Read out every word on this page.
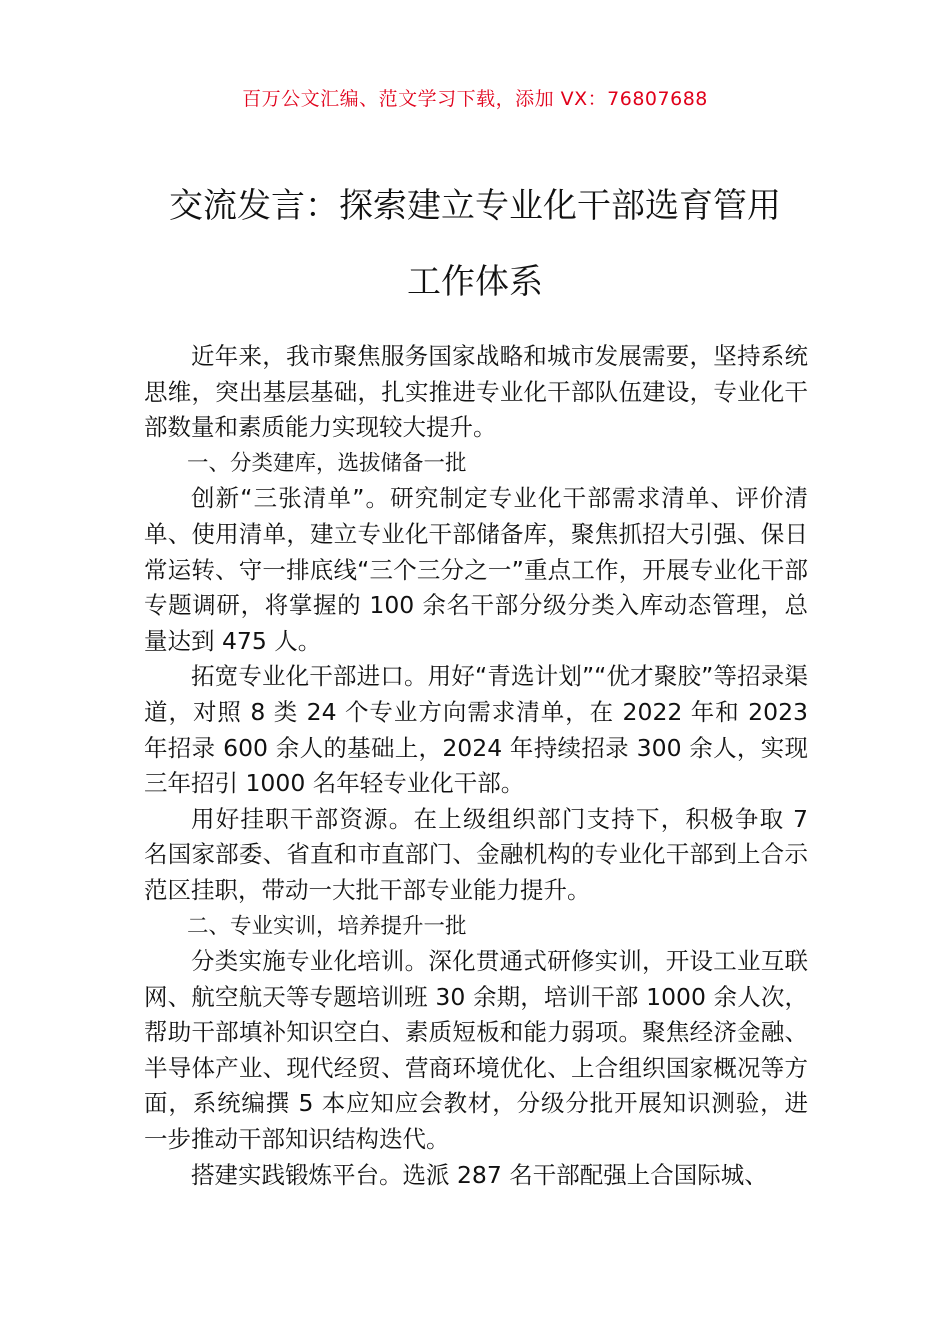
百万公文汇编、范文学习下载，添加 VX：76807688
交流发言：探索建立专业化干部选育管用
工作体系

近年来，我市聚焦服务国家战略和城市发展需要，坚持系统思维，突出基层基础，扎实推进专业化干部队伍建设，专业化干部数量和素质能力实现较大提升。

一、分类建库，选拔储备一批

创新“三张清单”。研究制定专业化干部需求清单、评价清单、使用清单，建立专业化干部储备库，聚焦抓招大引强、保日常运转、守一排底线“三个三分之一”重点工作，开展专业化干部专题调研，将掌握的 100 余名干部分级分类入库动态管理，总量达到 475 人。

拓宽专业化干部进口。用好“青选计划”“优才聚胶”等招录渠道，对照 8 类 24 个专业方向需求清单，在 2022 年和 2023 年招录 600 余人的基础上，2024 年持续招录 300 余人，实现三年招引 1000 名年轻专业化干部。

用好挂职干部资源。在上级组织部门支持下，积极争取 7 名国家部委、省直和市直部门、金融机构的专业化干部到上合示范区挂职，带动一大批干部专业能力提升。

二、专业实训，培养提升一批

分类实施专业化培训。深化贯通式研修实训，开设工业互联网、航空航天等专题培训班 30 余期，培训干部 1000 余人次，帮助干部填补知识空白、素质短板和能力弱项。聚焦经济金融、半导体产业、现代经贸、营商环境优化、上合组织国家概况等方面，系统编撰 5 本应知应会教材，分级分批开展知识测验，进一步推动干部知识结构迭代。

搭建实践锻炼平台。选派 287 名干部配强上合国际城、
